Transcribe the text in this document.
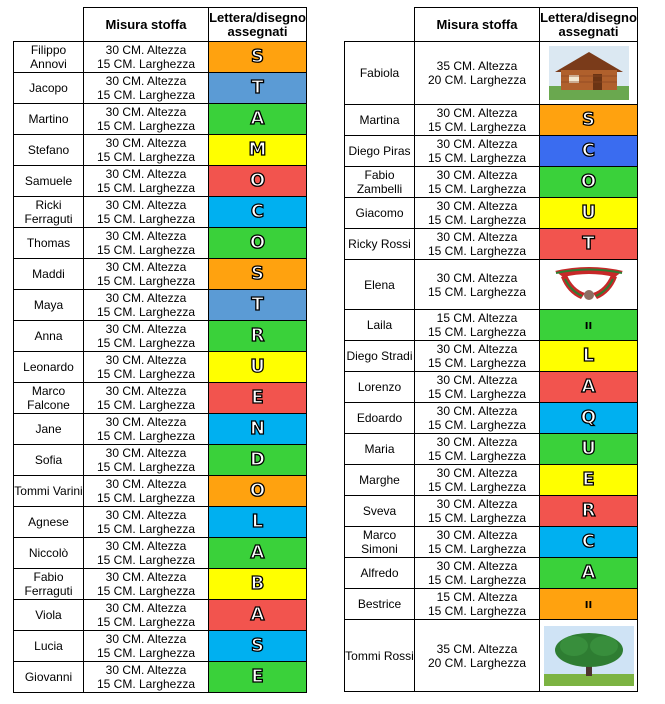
	Misura stoffa	Lettera/disegno
assegnati
Filippo Annovi	30 CM. Altezza
15 CM. Larghezza	S
Jacopo	30 CM. Altezza
15 CM. Larghezza	T
Martino	30 CM. Altezza
15 CM. Larghezza	A
Stefano	30 CM. Altezza
15 CM. Larghezza	M
Samuele	30 CM. Altezza
15 CM. Larghezza	O
Ricki Ferraguti	30 CM. Altezza
15 CM. Larghezza	C
Thomas	30 CM. Altezza
15 CM. Larghezza	O
Maddi	30 CM. Altezza
15 CM. Larghezza	S
Maya	30 CM. Altezza
15 CM. Larghezza	T
Anna	30 CM. Altezza
15 CM. Larghezza	R
Leonardo	30 CM. Altezza
15 CM. Larghezza	U
Marco Falcone	30 CM. Altezza
15 CM. Larghezza	E
Jane	30 CM. Altezza
15 CM. Larghezza	N
Sofia	30 CM. Altezza
15 CM. Larghezza	D
Tommi Varini	30 CM. Altezza
15 CM. Larghezza	O
Agnese	30 CM. Altezza
15 CM. Larghezza	L
Niccolò	30 CM. Altezza
15 CM. Larghezza	A
Fabio Ferraguti	30 CM. Altezza
15 CM. Larghezza	B
Viola	30 CM. Altezza
15 CM. Larghezza	A
Lucia	30 CM. Altezza
15 CM. Larghezza	S
Giovanni	30 CM. Altezza
15 CM. Larghezza	E
	Misura stoffa	Lettera/disegno
assegnati
Fabiola	35 CM. Altezza
20 CM. Larghezza

Martina	30 CM. Altezza
15 CM. Larghezza	S
Diego Piras	30 CM. Altezza
15 CM. Larghezza	C
Fabio Zambelli	30 CM. Altezza
15 CM. Larghezza	O
Giacomo	30 CM. Altezza
15 CM. Larghezza	U
Ricky Rossi	30 CM. Altezza
15 CM. Larghezza	T
Elena	30 CM. Altezza
15 CM. Larghezza

Laila	15 CM. Altezza
15 CM. Larghezza	II
Diego Stradi	30 CM. Altezza
15 CM. Larghezza	L
Lorenzo	30 CM. Altezza
15 CM. Larghezza	A
Edoardo	30 CM. Altezza
15 CM. Larghezza	Q
Maria	30 CM. Altezza
15 CM. Larghezza	U
Marghe	30 CM. Altezza
15 CM. Larghezza	E
Sveva	30 CM. Altezza
15 CM. Larghezza	R
Marco Simoni	30 CM. Altezza
15 CM. Larghezza	C
Alfredo	30 CM. Altezza
15 CM. Larghezza	A
Bestrice	15 CM. Altezza
15 CM. Larghezza	II
Tommi Rossi	35 CM. Altezza
20 CM. Larghezza
